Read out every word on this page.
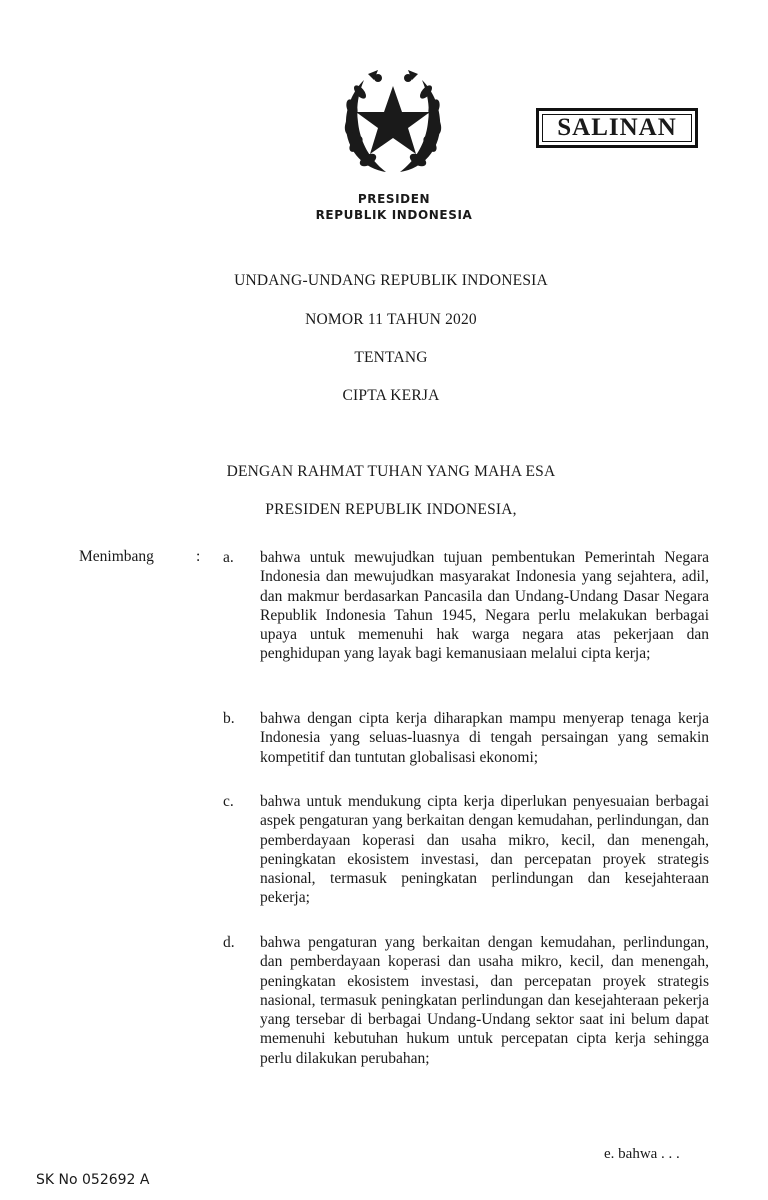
SALINAN
PRESIDEN
REPUBLIK INDONESIA
UNDANG-UNDANG REPUBLIK INDONESIA
NOMOR 11 TAHUN 2020
TENTANG
CIPTA KERJA
DENGAN RAHMAT TUHAN YANG MAHA ESA
PRESIDEN REPUBLIK INDONESIA,
Menimbang	: a. bahwa untuk mewujudkan tujuan pembentukan Pemerintah Negara Indonesia dan mewujudkan masyarakat Indonesia yang sejahtera, adil, dan makmur berdasarkan Pancasila dan Undang-Undang Dasar Negara Republik Indonesia Tahun 1945, Negara perlu melakukan berbagai upaya untuk memenuhi hak warga negara atas pekerjaan dan penghidupan yang layak bagi kemanusiaan melalui cipta kerja;
b. bahwa dengan cipta kerja diharapkan mampu menyerap tenaga kerja Indonesia yang seluas-luasnya di tengah persaingan yang semakin kompetitif dan tuntutan globalisasi ekonomi;
c. bahwa untuk mendukung cipta kerja diperlukan penyesuaian berbagai aspek pengaturan yang berkaitan dengan kemudahan, perlindungan, dan pemberdayaan koperasi dan usaha mikro, kecil, dan menengah, peningkatan ekosistem investasi, dan percepatan proyek strategis nasional, termasuk peningkatan perlindungan dan kesejahteraan pekerja;
d. bahwa pengaturan yang berkaitan dengan kemudahan, perlindungan, dan pemberdayaan koperasi dan usaha mikro, kecil, dan menengah, peningkatan ekosistem investasi, dan percepatan proyek strategis nasional, termasuk peningkatan perlindungan dan kesejahteraan pekerja yang tersebar di berbagai Undang-Undang sektor saat ini belum dapat memenuhi kebutuhan hukum untuk percepatan cipta kerja sehingga perlu dilakukan perubahan;
e. bahwa . . .
SK No 052692 A
